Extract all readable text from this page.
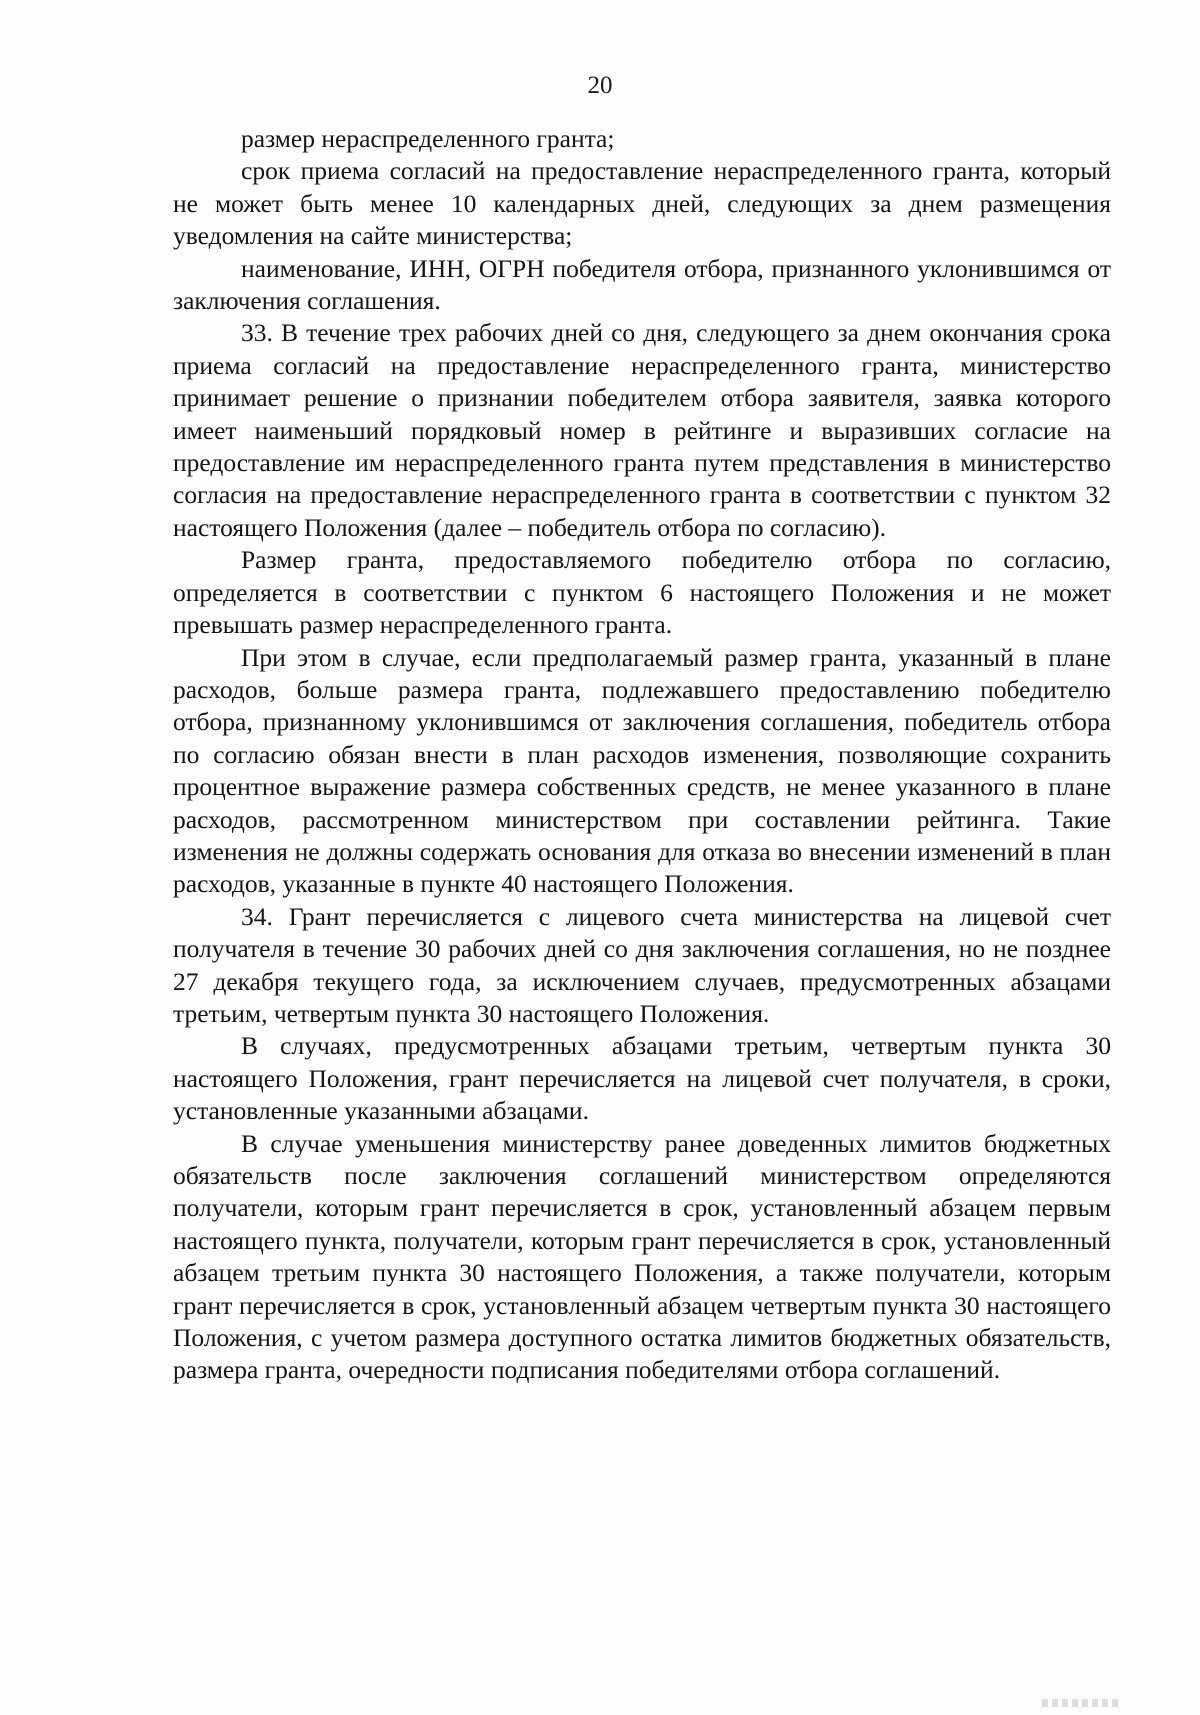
20

размер нераспределенного гранта;

срок приема согласий на предоставление нераспределенного гранта, который не может быть менее 10 календарных дней, следующих за днем размещения уведомления на сайте министерства;

наименование, ИНН, ОГРН победителя отбора, признанного уклонившимся от заключения соглашения.

33. В течение трех рабочих дней со дня, следующего за днем окончания срока приема согласий на предоставление нераспределенного гранта, министерство принимает решение о признании победителем отбора заявителя, заявка которого имеет наименьший порядковый номер в рейтинге и выразивших согласие на предоставление им нераспределенного гранта путем представления в министерство согласия на предоставление нераспределенного гранта в соответствии с пунктом 32 настоящего Положения (далее – победитель отбора по согласию).

Размер гранта, предоставляемого победителю отбора по согласию, определяется в соответствии с пунктом 6 настоящего Положения и не может превышать размер нераспределенного гранта.

При этом в случае, если предполагаемый размер гранта, указанный в плане расходов, больше размера гранта, подлежавшего предоставлению победителю отбора, признанному уклонившимся от заключения соглашения, победитель отбора по согласию обязан внести в план расходов изменения, позволяющие сохранить процентное выражение размера собственных средств, не менее указанного в плане расходов, рассмотренном министерством при составлении рейтинга. Такие изменения не должны содержать основания для отказа во внесении изменений в план расходов, указанные в пункте 40 настоящего Положения.

34. Грант перечисляется с лицевого счета министерства на лицевой счет получателя в течение 30 рабочих дней со дня заключения соглашения, но не позднее 27 декабря текущего года, за исключением случаев, предусмотренных абзацами третьим, четвертым пункта 30 настоящего Положения.

В случаях, предусмотренных абзацами третьим, четвертым пункта 30 настоящего Положения, грант перечисляется на лицевой счет получателя, в сроки, установленные указанными абзацами.

В случае уменьшения министерству ранее доведенных лимитов бюджетных обязательств после заключения соглашений министерством определяются получатели, которым грант перечисляется в срок, установленный абзацем первым настоящего пункта, получатели, которым грант перечисляется в срок, установленный абзацем третьим пункта 30 настоящего Положения, а также получатели, которым грант перечисляется в срок, установленный абзацем четвертым пункта 30 настоящего Положения, с учетом размера доступного остатка лимитов бюджетных обязательств, размера гранта, очередности подписания победителями отбора соглашений.
